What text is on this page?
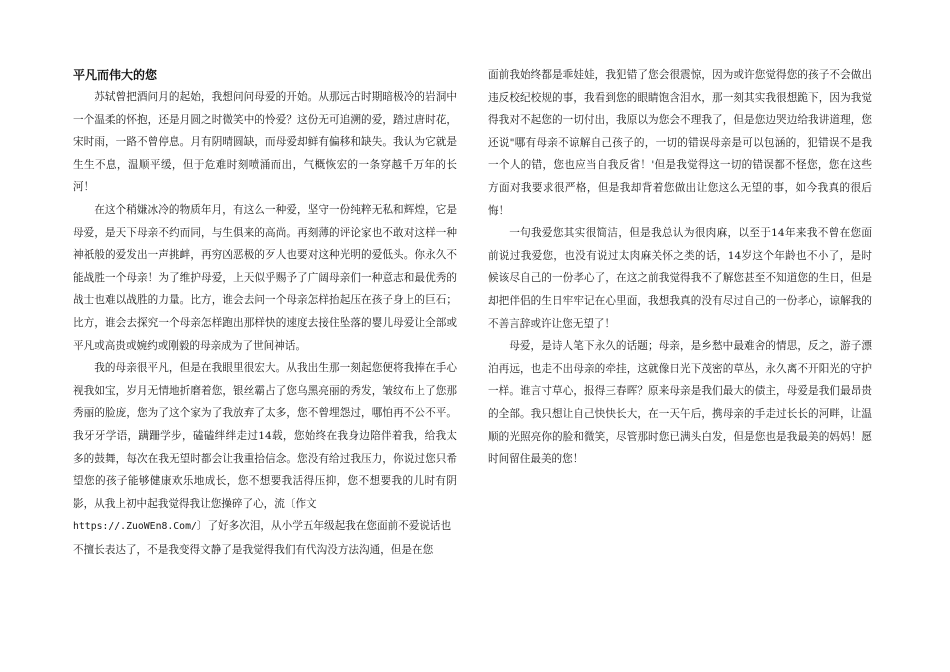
平凡而伟大的您

苏轼曾把酒问月的起始，我想问问母爱的开始。从那远古时期暗极冷的岩洞中一个温柔的怀抱，还是月圆之时微笑中的怜爱？这份无可追溯的爱，踏过唐时花，宋时雨，一路不曾停息。月有阴晴圆缺，而母爱却鲜有偏移和缺失。我认为它就是生生不息，温顺平缓，但于危难时刻喷涌而出，气概恢宏的一条穿越千万年的长河！

在这个稍嫌冰冷的物质年月，有这么一种爱，坚守一份纯粹无私和辉煌，它是母爱，是天下母亲不约而同，与生俱来的高尚。再刻薄的评论家也不敢对这样一种神祇般的爱发出一声挑衅，再穷凶恶极的歹人也要对这种光明的爱低头。你永久不能战胜一个母亲！为了维护母爱，上天似乎赐予了广阔母亲们一种意志和最优秀的战士也难以战胜的力量。比方，谁会去问一个母亲怎样抬起压在孩子身上的巨石；比方，谁会去探究一个母亲怎样跑出那样快的速度去接住坠落的婴儿母爱让全部或平凡或高贵或婉约或刚毅的母亲成为了世间神话。

我的母亲很平凡，但是在我眼里很宏大。从我出生那一刻起您便将我捧在手心视我如宝，岁月无情地折磨着您，银丝霸占了您乌黑亮丽的秀发，皱纹布上了您那秀丽的脸庞，您为了这个家为了我放弃了太多，您不曾埋怨过，哪怕再不公不平。我牙牙学语，蹒跚学步，磕磕绊绊走过14载，您始终在我身边陪伴着我，给我太多的鼓舞，每次在我无望时都会让我重拾信念。您没有给过我压力，你说过您只希望您的孩子能够健康欢乐地成长，您不想要我活得压抑，您不想要我的儿时有阴影，从我上初中起我觉得我让您操碎了心，流〔作文

https://.ZuoWEn8.Com/〕了好多次泪，从小学五年级起我在您面前不爱说话也

不擅长表达了，不是我变得文静了是我觉得我们有代沟没方法沟通，但是在您

面前我始终都是乖娃娃，我犯错了您会很震惊，因为或许您觉得您的孩子不会做出违反校纪校规的事，我看到您的眼睛饱含泪水，那一刻其实我很想跪下，因为我觉得我对不起您的一切付出，我原以为您会不理我了，但是您边哭边给我讲道理，您还说"哪有母亲不谅解自己孩子的，一切的错误母亲是可以包涵的，犯错误不是我一个人的错，您也应当自我反省！'但是我觉得这一切的错误都不怪您，您在这些方面对我要求很严格，但是我却背着您做出让您这么无望的事，如今我真的很后悔！

一句我爱您其实很简洁，但是我总认为很肉麻，以至于14年来我不曾在您面前说过我爱您，也没有说过太肉麻关怀之类的话，14岁这个年龄也不小了，是时候该尽自己的一份孝心了，在这之前我觉得我不了解您甚至不知道您的生日，但是却把伴侣的生日牢牢记在心里面，我想我真的没有尽过自己的一份孝心，谅解我的不善言辞或许让您无望了！

母爱，是诗人笔下永久的话题；母亲，是乡愁中最难舍的情思，反之，游子漂泊再远，也走不出母亲的牵挂，这就像日光下茂密的草丛，永久离不开阳光的守护一样。谁言寸草心，报得三春晖？原来母亲是我们最大的债主，母爱是我们最昂贵的全部。我只想让自己快快长大，在一天午后，携母亲的手走过长长的河畔，让温顺的光照亮你的脸和微笑，尽管那时您已满头白发，但是您也是我最美的妈妈！愿时间留住最美的您！
